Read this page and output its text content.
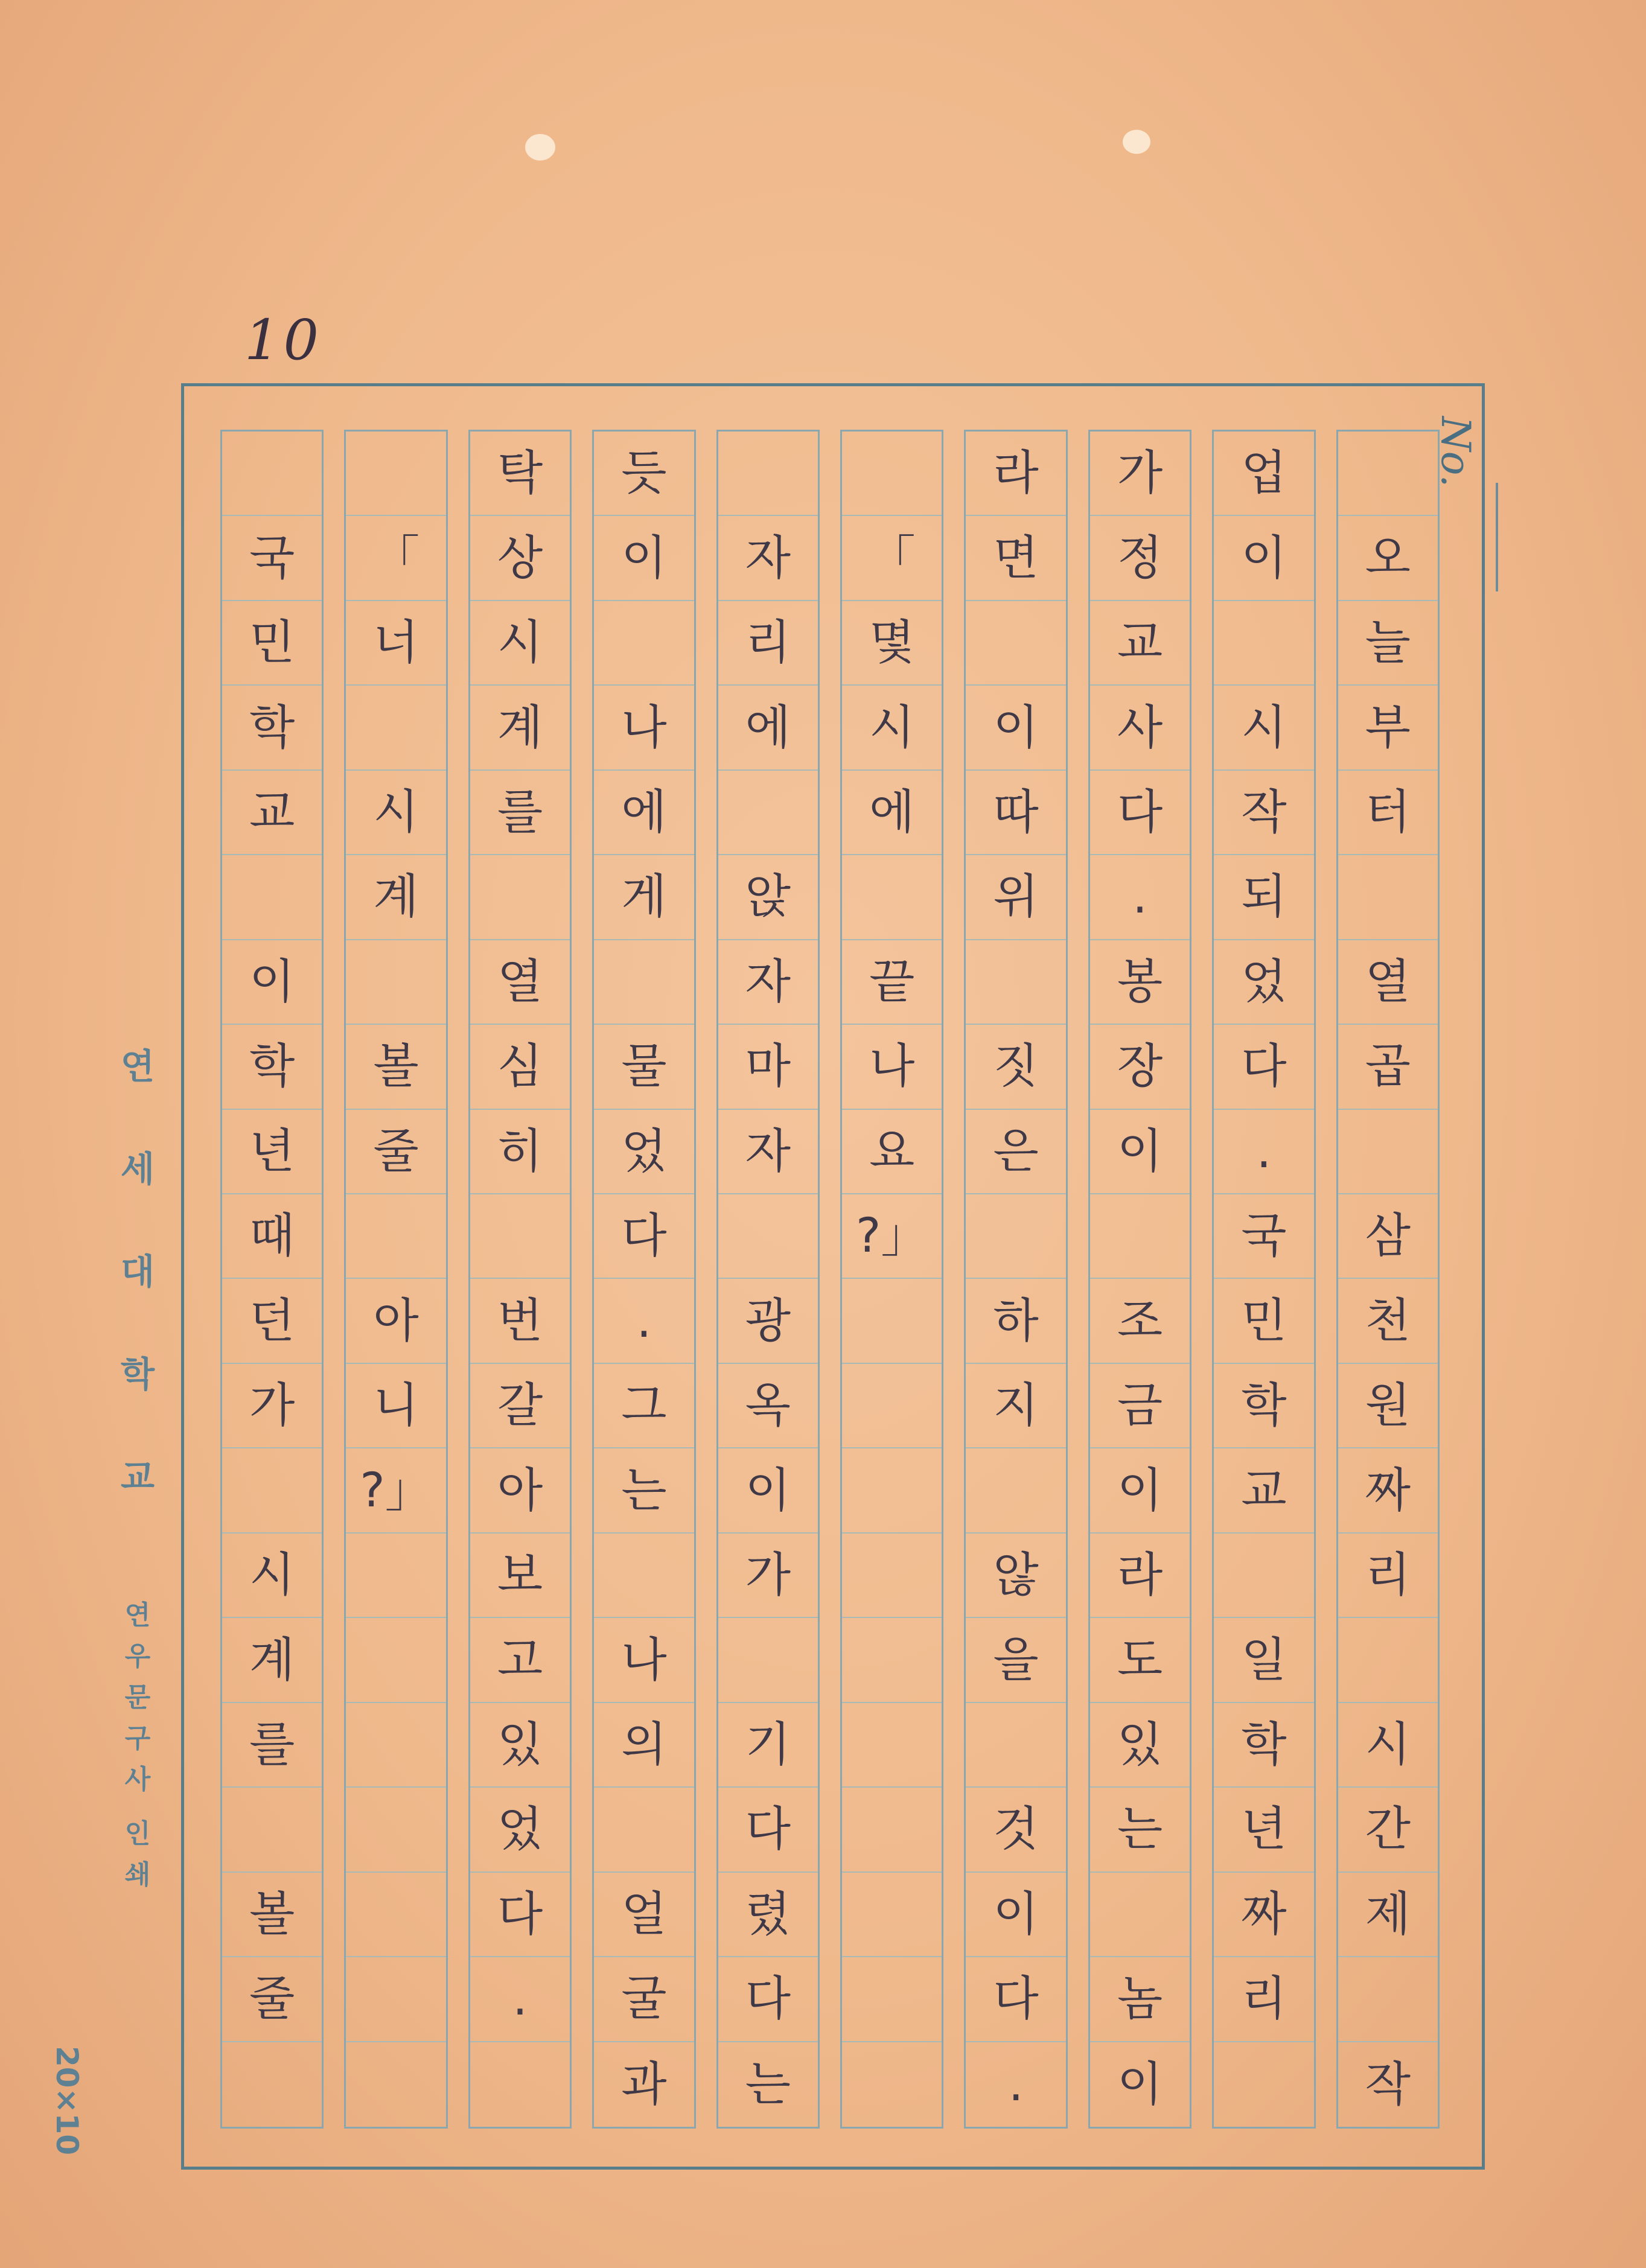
10
No.
국
민
학
교
이
학
년
때
던
가
시
계
를
볼
줄
「
너
시
계
볼
줄
아
니
?」
탁
상
시
계
를
열
심
히
번
갈
아
보
고
있
었
다
.
듯
이
나
에
게
물
었
다
.
그
는
나
의
얼
굴
과
자
리
에
앉
자
마
자
광
옥
이
가
기
다
렸
다
는
「
몇
시
에
끝
나
요
?」
라
면
이
따
위
짓
은
하
지
않
을
것
이
다
.
가
정
교
사
다
.
봉
장
이
조
금
이
라
도
있
는
놈
이
업
이
시
작
되
었
다
.
국
민
학
교
일
학
년
짜
리
오
늘
부
터
열
곱
삼
천
원
짜
리
시
간
제
작
연
세
대
학
교
연
우
문
구
사
인
쇄
20×10
